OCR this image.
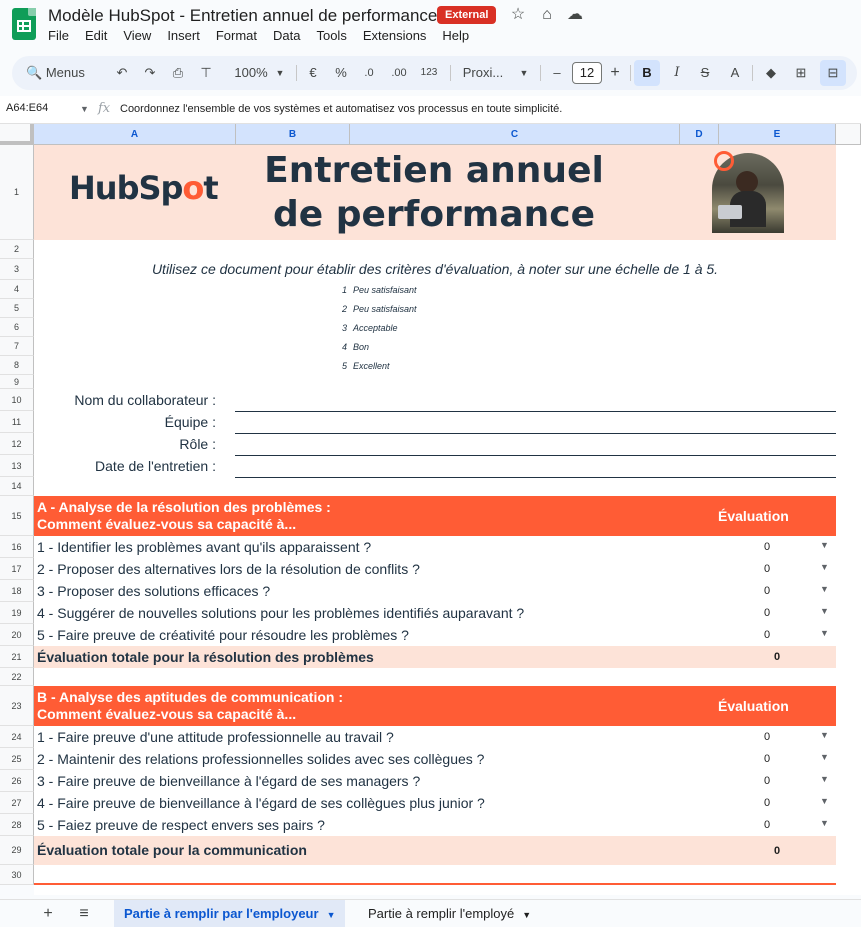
Modèle HubSpot - Entretien annuel de performance External	☆ ⌂ ☁
File	Edit	View	Insert	Format	Data	Tools	Extensions	Help
🔍 Menus	↶	↷	⎙	⊤	100% ▼	€	%	.0	.00	123	Proxi...	▼	–	+	B	I	S	A	◆	⊞	⊟
12
A64:E64	▼ fx Coordonnez l'ensemble de vos systèmes et automatisez vos processus en toute simplicité.
A	B	C	D	E
1
2
3
4
5
6
7
8
9
10
11
12
13
14
15
16
17
18
19
20
21
22
23
24
25
26
27
28
29
30
HubSpot	Entretien annuel
de performance
Utilisez ce document pour établir des critères d'évaluation, à noter sur une échelle de 1 à 5.
1 Peu satisfaisant
2 Peu satisfaisant
3 Acceptable
4 Bon
5 Excellent
Nom du collaborateur :
Équipe :
Rôle :
Date de l'entretien :
A - Analyse de la résolution des problèmes :
Comment évaluez-vous sa capacité à...	Évaluation
1 - Identifier les problèmes avant qu'ils apparaissent ?	0	▼
2 - Proposer des alternatives lors de la résolution de conflits ?	0	▼
3 - Proposer des solutions efficaces ?	0	▼
4 - Suggérer de nouvelles solutions pour les problèmes identifiés auparavant ?	0	▼
5 - Faire preuve de créativité pour résoudre les problèmes ?	0	▼
Évaluation totale pour la résolution des problèmes	0
B - Analyse des aptitudes de communication :
Comment évaluez-vous sa capacité à...	Évaluation
1 - Faire preuve d'une attitude professionnelle au travail ?	0	▼
2 - Maintenir des relations professionnelles solides avec ses collègues ?	0	▼
3 - Faire preuve de bienveillance à l'égard de ses managers ?	0	▼
4 - Faire preuve de bienveillance à l'égard de ses collègues plus junior ?	0	▼
5 - Faiez preuve de respect envers ses pairs ?	0	▼
Évaluation totale pour la communication	0
+	≡	Partie à remplir par l'employeur ▼	Partie à remplir l'employé ▼
